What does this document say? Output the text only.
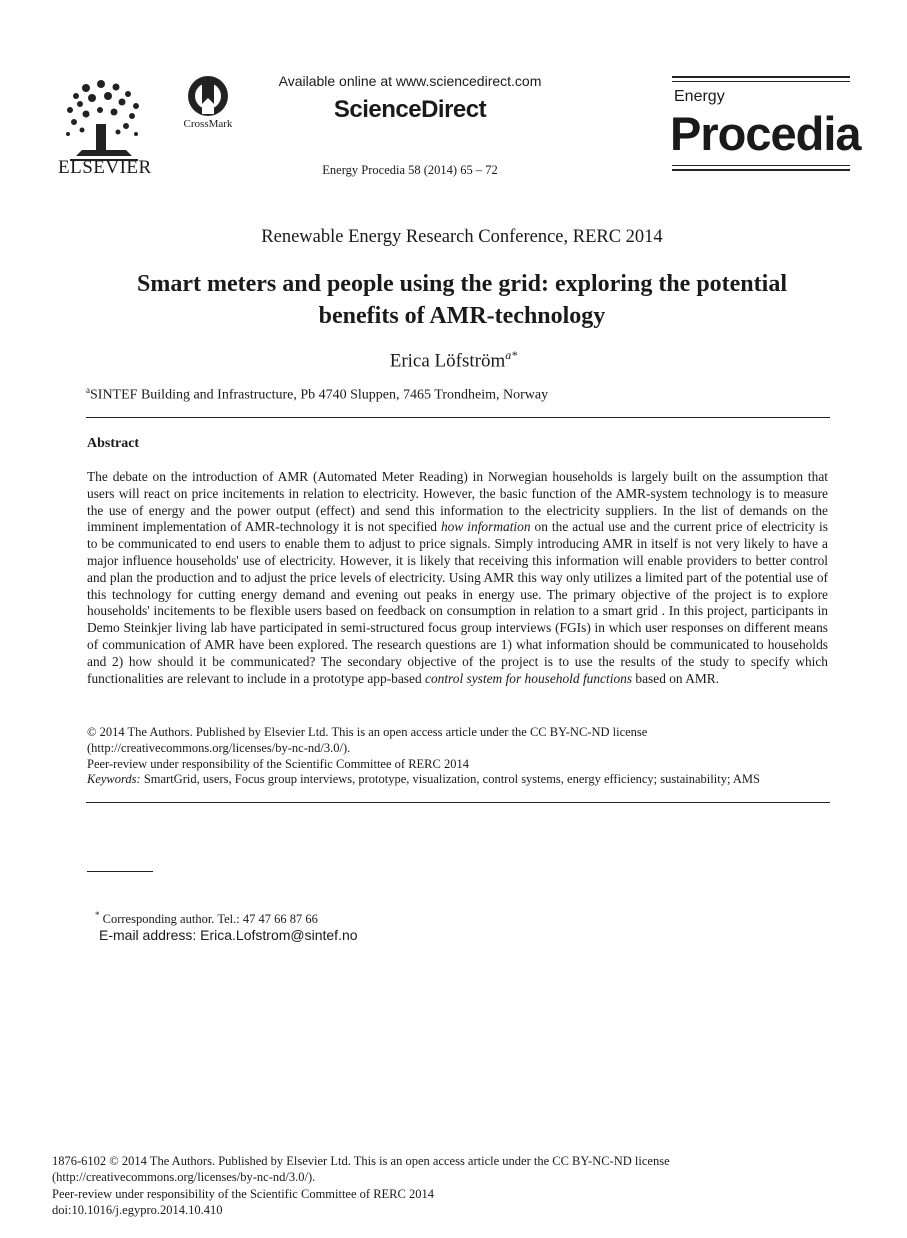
ELSEVIER
CrossMark
Available online at www.sciencedirect.com
ScienceDirect
Energy Procedia 58 (2014) 65 – 72
Energy
Procedia
Renewable Energy Research Conference, RERC 2014
Smart meters and people using the grid: exploring the potential
benefits of AMR-technology
Erica Löfström$^{a*}$
$^a$SINTEF Building and Infrastructure, Pb 4740 Sluppen, 7465 Trondheim, Norway
Abstract
The debate on the introduction of AMR (Automated Meter Reading) in Norwegian households is largely built on the assumption that users will react on price incitements in relation to electricity. However, the basic function of the AMR-system technology is to measure the use of energy and the power output (effect) and send this information to the electricity suppliers. In the list of demands on the imminent implementation of AMR-technology it is not specified how information on the actual use and the current price of electricity is to be communicated to end users to enable them to adjust to price signals. Simply introducing AMR in itself is not very likely to have a major influence households' use of electricity. However, it is likely that receiving this information will enable providers to better control and plan the production and to adjust the price levels of electricity. Using AMR this way only utilizes a limited part of the potential use of this technology for cutting energy demand and evening out peaks in energy use. The primary objective of the project is to explore households' incitements to be flexible users based on feedback on consumption in relation to a smart grid . In this project, participants in Demo Steinkjer living lab have participated in semi-structured focus group interviews (FGIs) in which user responses on different means of communication of AMR have been explored. The research questions are 1) what information should be communicated to households and 2) how should it be communicated? The secondary objective of the project is to use the results of the study to specify which functionalities are relevant to include in a prototype app-based control system for household functions based on AMR.
© 2014 The Authors. Published by Elsevier Ltd. This is an open access article under the CC BY-NC-ND license
(http://creativecommons.org/licenses/by-nc-nd/3.0/).
Peer-review under responsibility of the Scientific Committee of RERC 2014
Keywords: SmartGrid, users, Focus group interviews, prototype, visualization, control systems, energy efficiency; sustainability; AMS
* Corresponding author. Tel.: 47 47 66 87 66
E-mail address: Erica.Lofstrom@sintef.no
1876-6102 © 2014 The Authors. Published by Elsevier Ltd. This is an open access article under the CC BY-NC-ND license
(http://creativecommons.org/licenses/by-nc-nd/3.0/).
Peer-review under responsibility of the Scientific Committee of RERC 2014
doi:10.1016/j.egypro.2014.10.410
